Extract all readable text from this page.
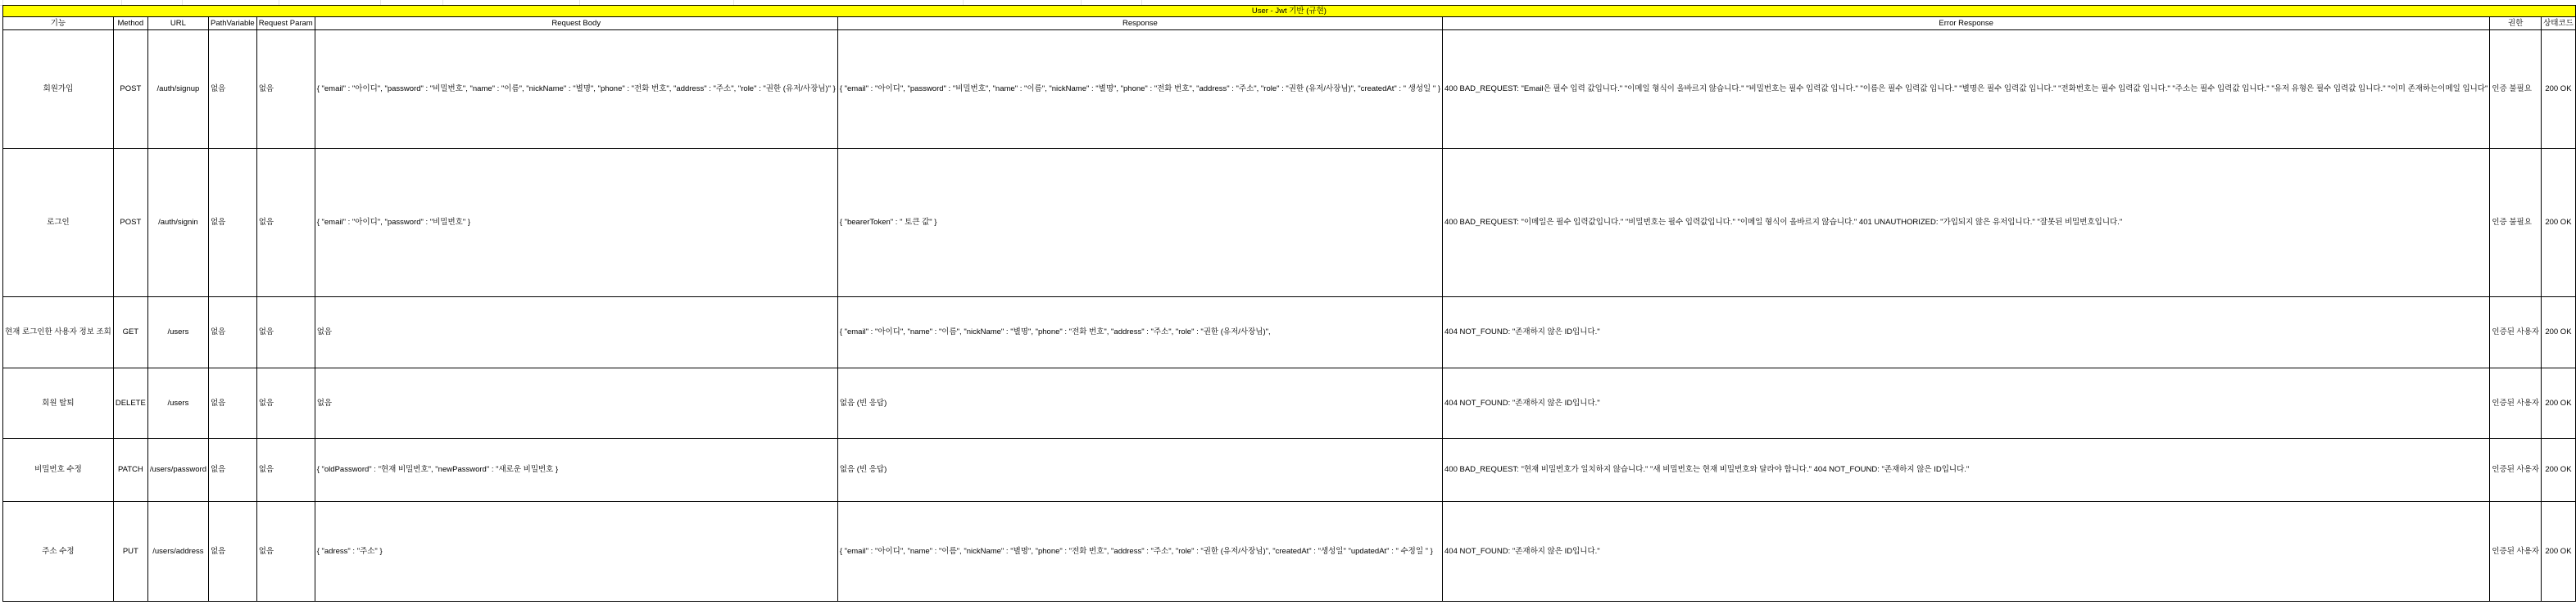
User - Jwt 기반 (규현)									
기능	Method	URL	PathVariable	Request Param	Request Body	Response	Error Response	권한	상태코드
회원가입	POST	/auth/signup	없음	없음	{ "email" : "아이디", "password" : "비밀번호", "name" : "이름", "nickName" : "별명", "phone" : "전화 번호", "address" : "주소", "role" : "권한 (유저/사장님)" }	{ "email" : "아이디", "password" : "비밀번호", "name" : "이름", "nickName" : "별명", "phone" : "전화 번호", "address" : "주소", "role" : "권한 (유저/사장님)", "createdAt" : " 생성일 " }	400 BAD_REQUEST: "Email은 필수 입력 값입니다." "이메일 형식이 올바르지 않습니다." "비밀번호는 필수 입력값 입니다." "이름은 필수 입력값 입니다." "별명은 필수 입력값 입니다." "전화번호는 필수 입력값 입니다." "주소는 필수 입력값 입니다." "유저 유형은 필수 입력값 입니다." "이미 존재하는이메일 입니다"	인증 불필요	200 OK
로그인	POST	/auth/signin	없음	없음	{ "email" : "아이디", "password" : "비밀번호" }	{ "bearerToken" : " 토큰 값" }	400 BAD_REQUEST: "이메일은 필수 입력값입니다." "비밀번호는 필수 입력값입니다." "이메일 형식이 올바르지 않습니다." 401 UNAUTHORIZED: "가입되지 않은 유저입니다." "잘못된 비밀번호입니다."	인증 불필요	200 OK
현재 로그인한 사용자 정보 조회	GET	/users	없음	없음	없음	{ "email" : "아이디", "name" : "이름", "nickName" : "별명", "phone" : "전화 번호", "address" : "주소", "role" : "권한 (유저/사장님)",	404 NOT_FOUND: "존재하지 않은 ID입니다."	인증된 사용자	200 OK
회원 탈퇴	DELETE	/users	없음	없음	없음	없음 (빈 응답)	404 NOT_FOUND: "존재하지 않은 ID입니다."	인증된 사용자	200 OK
비밀번호 수정	PATCH	/users/password	없음	없음	{ "oldPassword" : "현재 비밀번호", "newPassword" : "새로운 비밀번호 }	없음 (빈 응답)	400 BAD_REQUEST: "현재 비밀번호가 일치하지 않습니다." "새 비밀번호는 현재 비밀번호와 달라야 합니다." 404 NOT_FOUND: "존재하지 않은 ID입니다."	인증된 사용자	200 OK
주소 수정	PUT	/users/address	없음	없음	{ "adress" : "주소" }	{ "email" : "아이디", "name" : "이름", "nickName" : "별명", "phone" : "전화 번호", "address" : "주소", "role" : "권한 (유저/사장님)", "createdAt" : "생성일" "updatedAt" : " 수정일 " }	404 NOT_FOUND: "존재하지 않은 ID입니다."	인증된 사용자	200 OK
